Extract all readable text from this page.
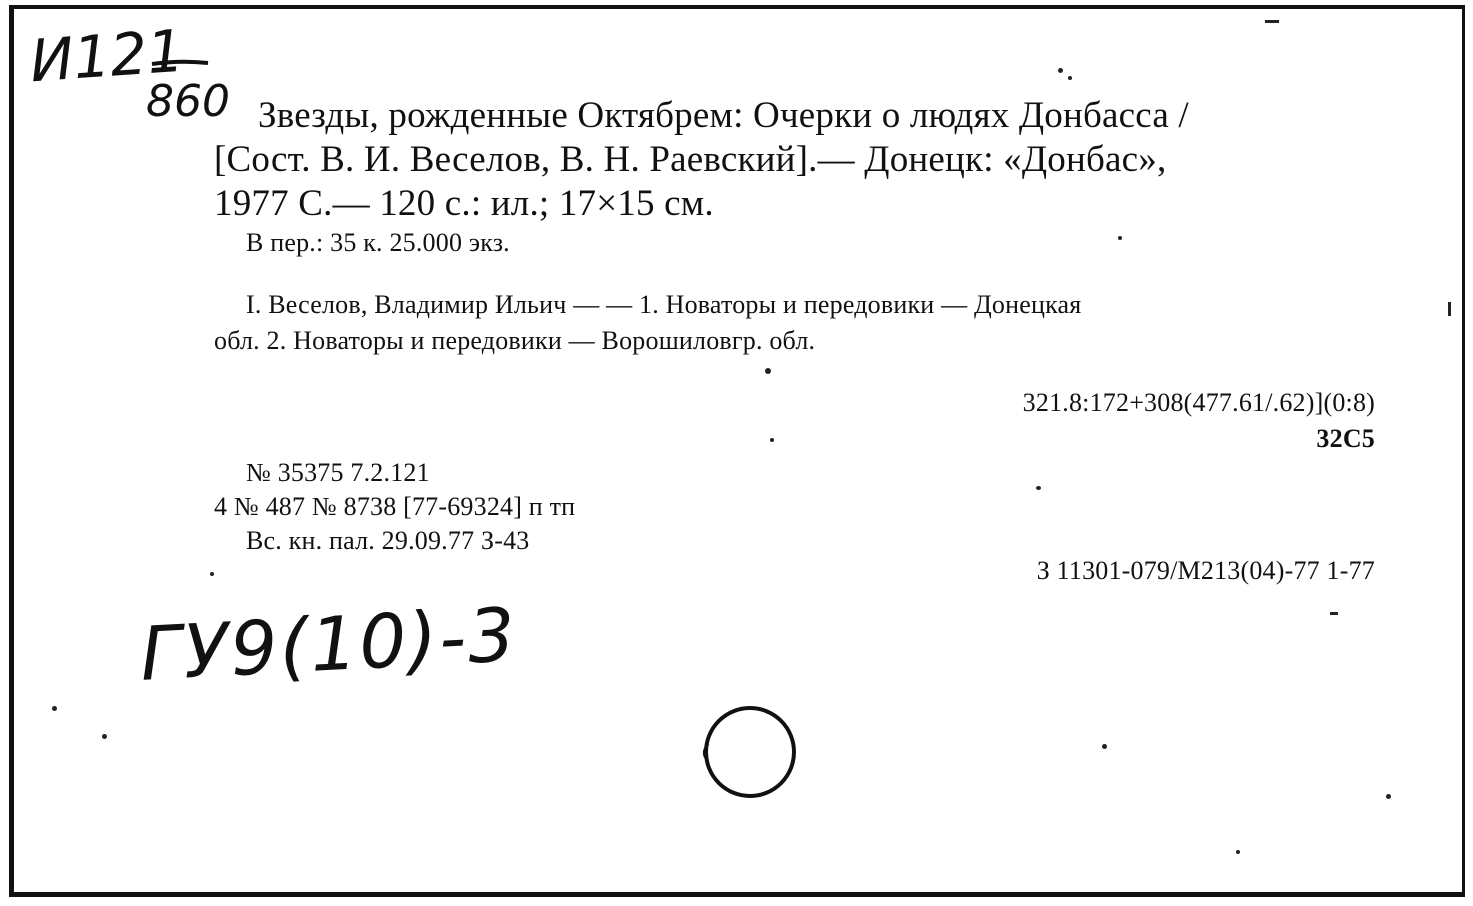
И121
860 Звезды, рожденные Октябрем: Очерки о людях Донбасса /
[Сост. В. И. Веселов, В. Н. Раевский].— Донецк: «Донбас»,
1977 С.— 120 с.: ил.; 17×15 см.
В пер.: 35 к. 25.000 экз.
I. Веселов, Владимир Ильич — — 1. Новаторы и передовики — Донецкая
обл. 2. Новаторы и передовики — Ворошиловгр. обл.
321.8:172+308(477.61/.62)](0:8)
32С5
№ 35375 7.2.121
4 № 487 № 8738 [77-69324] п тп
Вс. кн. пал. 29.09.77 З-43
З 11301-079/М213(04)-77 1-77
ГУ9(10)-3
